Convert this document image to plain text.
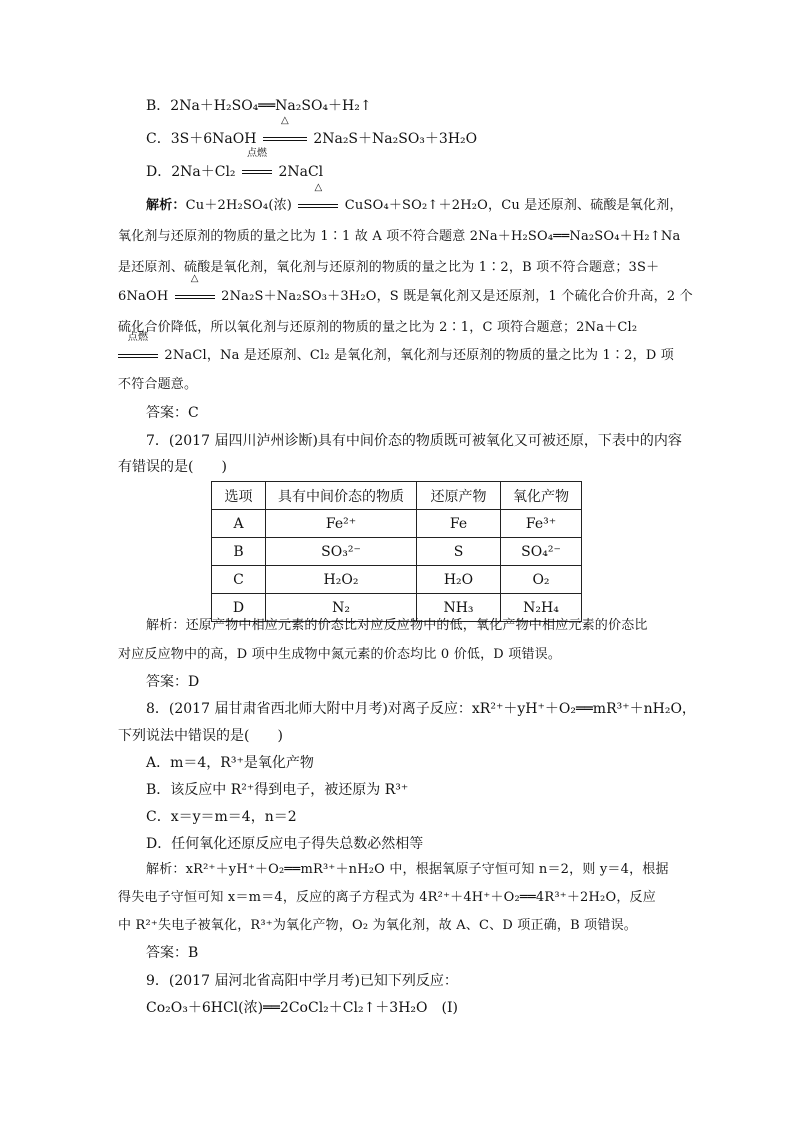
B．2Na＋H₂SO₄══Na₂SO₄＋H₂↑
C．3S＋6NaOH
△
2Na₂S＋Na₂SO₃＋3H₂O
D．2Na＋Cl₂
点燃
2NaCl
解析：Cu＋2H₂SO₄(浓)
△
CuSO₄＋SO₂↑＋2H₂O，Cu 是还原剂、硫酸是氧化剂，
氧化剂与还原剂的物质的量之比为 1∶1 故 A 项不符合题意 2Na＋H₂SO₄══Na₂SO₄＋H₂↑Na
是还原剂、硫酸是氧化剂，氧化剂与还原剂的物质的量之比为 1∶2，B 项不符合题意；3S＋
6NaOH
△
2Na₂S＋Na₂SO₃＋3H₂O，S 既是氧化剂又是还原剂，1 个硫化合价升高，2 个
硫化合价降低，所以氧化剂与还原剂的物质的量之比为 2∶1，C 项符合题意；2Na＋Cl₂
点燃
2NaCl，Na 是还原剂、Cl₂ 是氧化剂，氧化剂与还原剂的物质的量之比为 1∶2，D 项
不符合题意。
答案：C
7．(2017 届四川泸州诊断)具有中间价态的物质既可被氧化又可被还原，下表中的内容
有错误的是(　　)
选项	具有中间价态的物质	还原产物	氧化产物
A	Fe²⁺	Fe	Fe³⁺
B	SO₃²⁻	S	SO₄²⁻
C	H₂O₂	H₂O	O₂
D	N₂	NH₃	N₂H₄
解析：还原产物中相应元素的价态比对应反应物中的低，氧化产物中相应元素的价态比
对应反应物中的高，D 项中生成物中氮元素的价态均比 0 价低，D 项错误。
答案：D
8．(2017 届甘肃省西北师大附中月考)对离子反应：xR²⁺＋yH⁺＋O₂══mR³⁺＋nH₂O，
下列说法中错误的是(　　)
A．m＝4，R³⁺是氧化产物
B．该反应中 R²⁺得到电子，被还原为 R³⁺
C．x＝y＝m＝4，n＝2
D．任何氧化还原反应电子得失总数必然相等
解析：xR²⁺＋yH⁺＋O₂══mR³⁺＋nH₂O 中，根据氧原子守恒可知 n＝2，则 y＝4，根据
得失电子守恒可知 x＝m＝4，反应的离子方程式为 4R²⁺＋4H⁺＋O₂══4R³⁺＋2H₂O，反应
中 R²⁺失电子被氧化，R³⁺为氧化产物，O₂ 为氧化剂，故 A、C、D 项正确，B 项错误。
答案：B
9．(2017 届河北省高阳中学月考)已知下列反应：
Co₂O₃＋6HCl(浓)══2CoCl₂＋Cl₂↑＋3H₂O　(Ⅰ)
